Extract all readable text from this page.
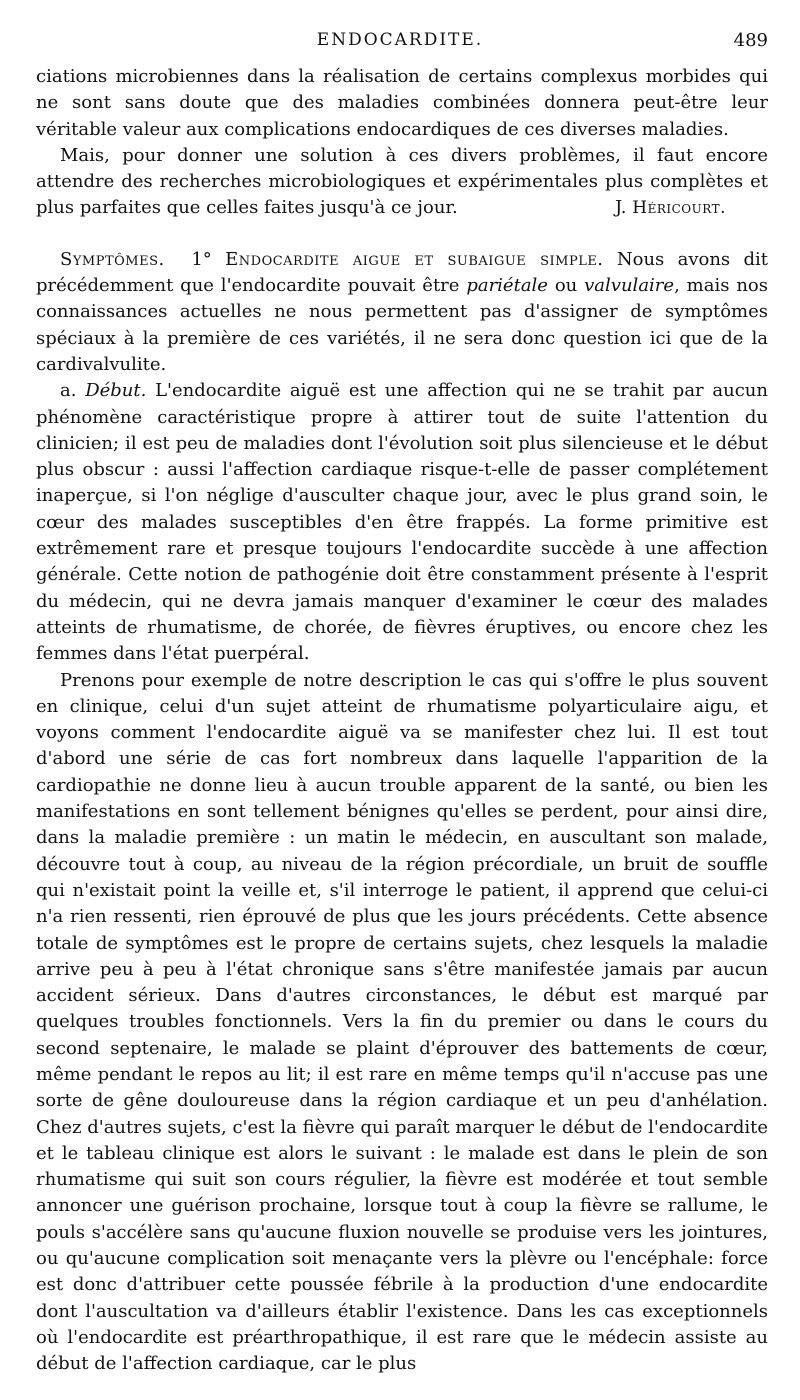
ENDOCARDITE.	489

ciations microbiennes dans la réalisation de certains complexus morbides qui ne sont sans doute que des maladies combinées donnera peut-être leur véritable valeur aux complications endocardiques de ces diverses maladies.

Mais, pour donner une solution à ces divers problèmes, il faut encore attendre des recherches microbiologiques et expérimentales plus complètes et plus parfaites que celles faites jusqu'à ce jour.	J. Héricourt.

Symptômes. 1° Endocardite aigue et subaigue simple. Nous avons dit précédemment que l'endocardite pouvait être pariétale ou valvulaire, mais nos connaissances actuelles ne nous permettent pas d'assigner de symptômes spéciaux à la première de ces variétés, il ne sera donc question ici que de la cardivalvulite.

a. Début. L'endocardite aiguë est une affection qui ne se trahit par aucun phénomène caractéristique propre à attirer tout de suite l'attention du clinicien; il est peu de maladies dont l'évolution soit plus silencieuse et le début plus obscur : aussi l'affection cardiaque risque-t-elle de passer complétement inaperçue, si l'on néglige d'ausculter chaque jour, avec le plus grand soin, le cœur des malades susceptibles d'en être frappés. La forme primitive est extrêmement rare et presque toujours l'endocardite succède à une affection générale. Cette notion de pathogénie doit être constamment présente à l'esprit du médecin, qui ne devra jamais manquer d'examiner le cœur des malades atteints de rhumatisme, de chorée, de fièvres éruptives, ou encore chez les femmes dans l'état puerpéral.

Prenons pour exemple de notre description le cas qui s'offre le plus souvent en clinique, celui d'un sujet atteint de rhumatisme polyarticulaire aigu, et voyons comment l'endocardite aiguë va se manifester chez lui. Il est tout d'abord une série de cas fort nombreux dans laquelle l'apparition de la cardiopathie ne donne lieu à aucun trouble apparent de la santé, ou bien les manifestations en sont tellement bénignes qu'elles se perdent, pour ainsi dire, dans la maladie première : un matin le médecin, en auscultant son malade, découvre tout à coup, au niveau de la région précordiale, un bruit de souffle qui n'existait point la veille et, s'il interroge le patient, il apprend que celui-ci n'a rien ressenti, rien éprouvé de plus que les jours précédents. Cette absence totale de symptômes est le propre de certains sujets, chez lesquels la maladie arrive peu à peu à l'état chronique sans s'être manifestée jamais par aucun accident sérieux. Dans d'autres circonstances, le début est marqué par quelques troubles fonctionnels. Vers la fin du premier ou dans le cours du second septenaire, le malade se plaint d'éprouver des battements de cœur, même pendant le repos au lit; il est rare en même temps qu'il n'accuse pas une sorte de gêne douloureuse dans la région cardiaque et un peu d'anhélation. Chez d'autres sujets, c'est la fièvre qui paraît marquer le début de l'endocardite et le tableau clinique est alors le suivant : le malade est dans le plein de son rhumatisme qui suit son cours régulier, la fièvre est modérée et tout semble annoncer une guérison prochaine, lorsque tout à coup la fièvre se rallume, le pouls s'accélère sans qu'aucune fluxion nouvelle se produise vers les jointures, ou qu'aucune complication soit menaçante vers la plèvre ou l'encéphale: force est donc d'attribuer cette poussée fébrile à la production d'une endocardite dont l'auscultation va d'ailleurs établir l'existence. Dans les cas exceptionnels où l'endocardite est préarthropathique, il est rare que le médecin assiste au début de l'affection cardiaque, car le plus
